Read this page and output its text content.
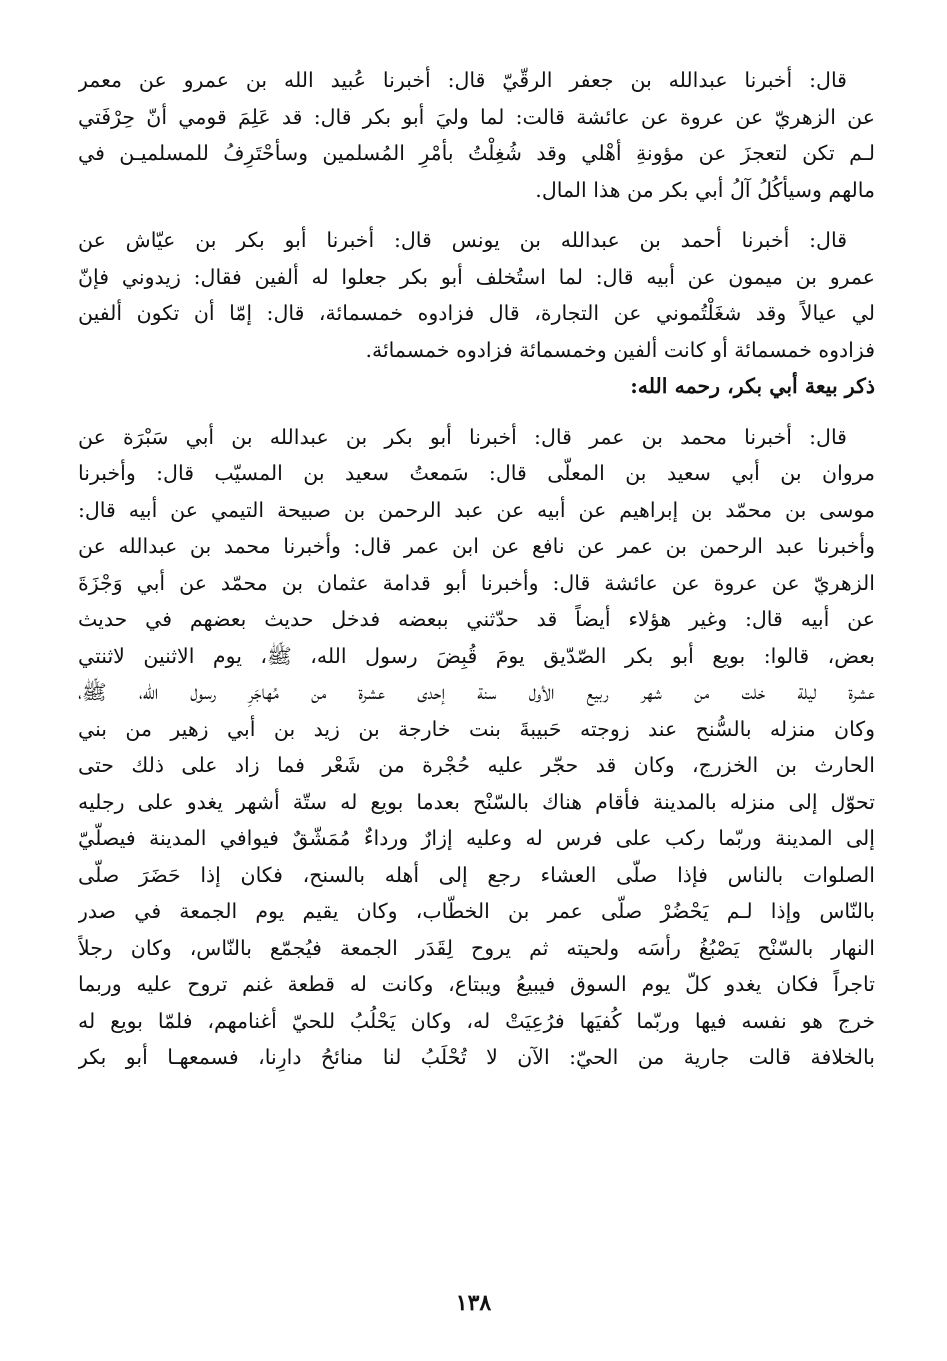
قال: أخبرنا عبدالله بن جعفر الرقّيّ قال: أخبرنا عُبيد الله بن عمرو عن معمر
عن الزهريّ عن عروة عن عائشة قالت: لما وليَ أبو بكر قال: قد عَلِمَ قومي أنّ حِرْفَتي
لـم تكن لتعجزَ عن مؤونةِ أهْلي وقد شُغِلْتُ بأمْرِ المُسلمين وسأحْتَرِفُ للمسلميـن في
مالهم وسيأكُلُ آلُ أبي بكر من هذا المال.

قال: أخبرنا أحمد بن عبدالله بن يونس قال: أخبرنا أبو بكر بن عيّاش عن
عمرو بن ميمون عن أبيه قال: لما استُخلف أبو بكر جعلوا له ألفين فقال: زيدوني فإنّ
لي عيالاً وقد شغَلْتُموني عن التجارة، قال فزادوه خمسمائة، قال: إمّا أن تكون ألفين
فزادوه خمسمائة أو كانت ألفين وخمسمائة فزادوه خمسمائة.

ذكر بيعة أبي بكر، رحمه الله:

قال: أخبرنا محمد بن عمر قال: أخبرنا أبو بكر بن عبدالله بن أبي سَبْرَة عن
مروان بن أبي سعيد بن المعلّى قال: سَمعتُ سعيد بن المسيّب قال: وأخبرنا
موسى بن محمّد بن إبراهيم عن أبيه عن عبد الرحمن بن صبيحة التيمي عن أبيه قال:
وأخبرنا عبد الرحمن بن عمر عن نافع عن ابن عمر قال: وأخبرنا محمد بن عبدالله عن
الزهريّ عن عروة عن عائشة قال: وأخبرنا أبو قدامة عثمان بن محمّد عن أبي وَجْزَةَ
عن أبيه قال: وغير هؤلاء أيضاً قد حدّثني ببعضه فدخل حديث بعضهم في حديث
بعض، قالوا: بويع أبو بكر الصّدّيق يومَ قُبِضَ رسول الله، ﷺ، يوم الاثنين لاثنتي
عشرة ليلة خلت من شهر ربيع الأول سنة إحدى عشرة من مُهاجَرِ رسول الله، ﷺ،
وكان منزله بالسُّنح عند زوجته حَبيبةَ بنت خارجة بن زيد بن أبي زهير من بني
الحارث بن الخزرج، وكان قد حجّر عليه حُجْرة من شَعْر فما زاد على ذلك حتى
تحوّل إلى منزله بالمدينة فأقام هناك بالسّنْح بعدما بويع له ستّة أشهر يغدو على رجليه
إلى المدينة وربّما ركب على فرس له وعليه إزارٌ ورداءٌ مُمَشّقٌ فيوافي المدينة فيصلّيّ
الصلوات بالناس فإذا صلّى العشاء رجع إلى أهله بالسنح، فكان إذا حَضَرَ صلّى
بالنّاس وإذا لـم يَحْضُرْ صلّى عمر بن الخطّاب، وكان يقيم يوم الجمعة في صدر
النهار بالسّنْح يَصْبُغُ رأسَه ولحيته ثم يروح لِقَدَر الجمعة فيُجمّع بالنّاس، وكان رجلاً
تاجراً فكان يغدو كلّ يوم السوق فيبيعُ ويبتاع، وكانت له قطعة غنم تروح عليه وربما
خرج هو نفسه فيها وربّما كُفيَها فرُعِيَتْ له، وكان يَحْلُبُ للحيّ أغنامهم، فلمّا بويع له
بالخلافة قالت جارية من الحيّ: الآن لا تُحْلَبُ لنا منائحُ دارِنا، فسمعهـا أبو بكر

١٣٨
